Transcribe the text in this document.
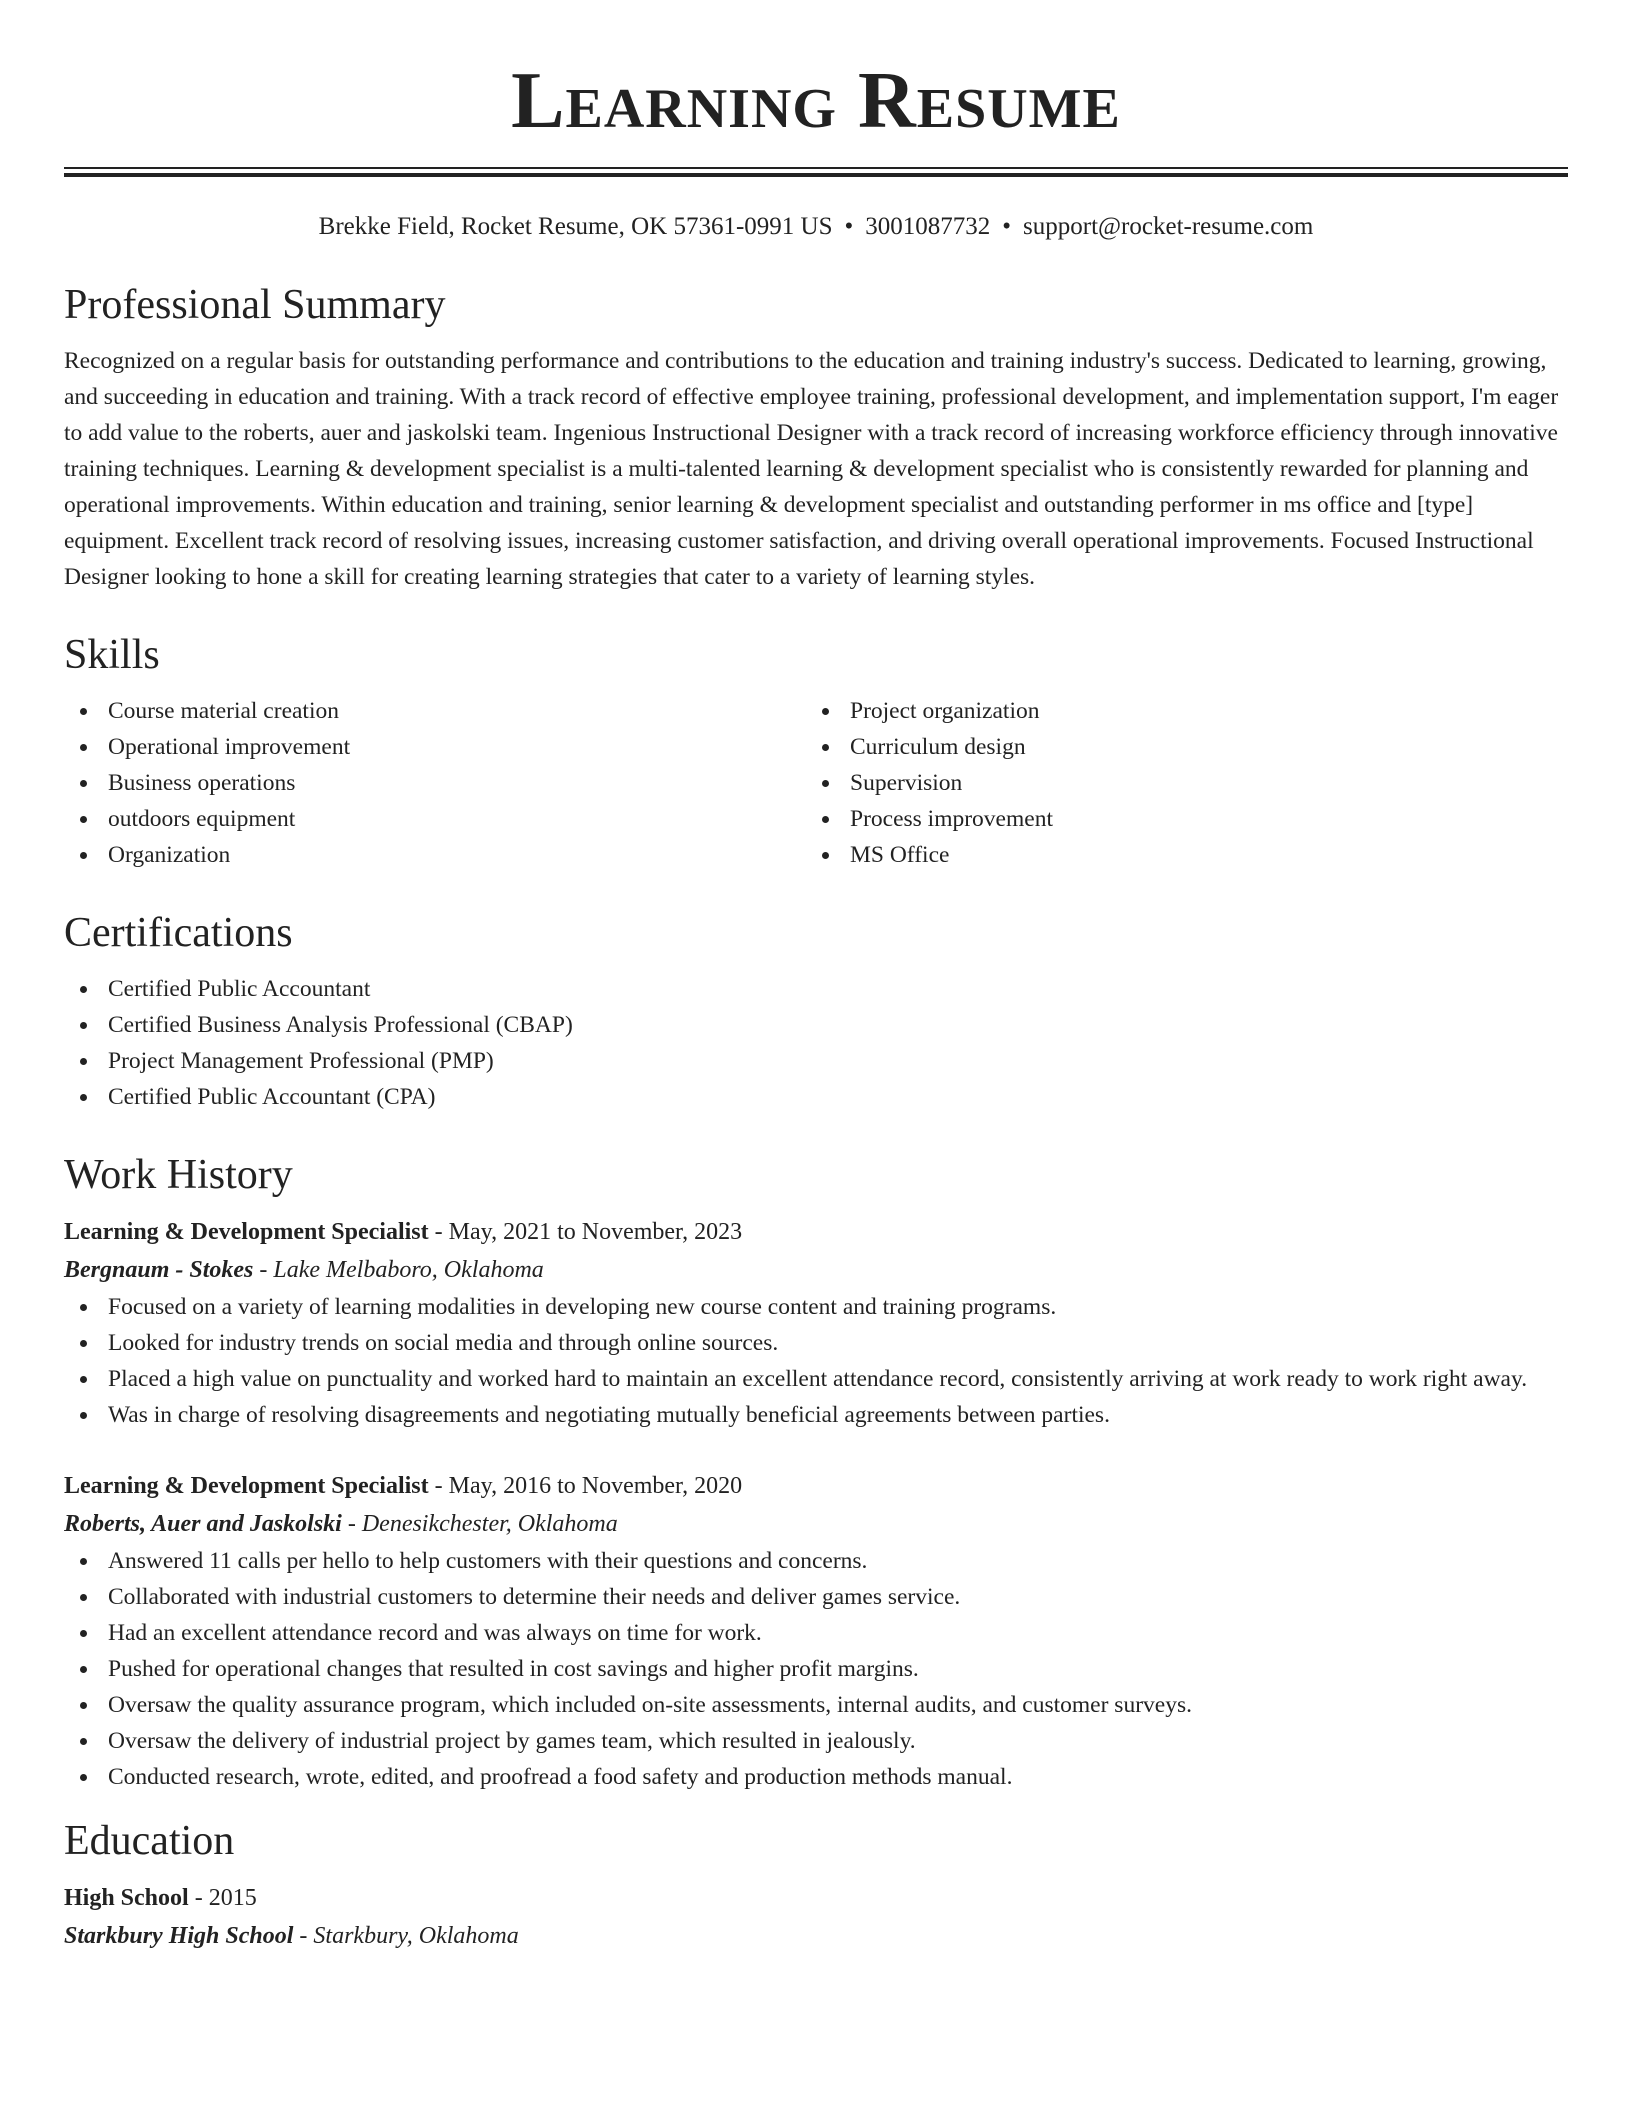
Learning Resume
Brekke Field, Rocket Resume, OK 57361-0991 US • 3001087732 • support@rocket-resume.com
Professional Summary

Recognized on a regular basis for outstanding performance and contributions to the education and training industry's success. Dedicated to learning, growing, and succeeding in education and training. With a track record of effective employee training, professional development, and implementation support, I'm eager to add value to the roberts, auer and jaskolski team. Ingenious Instructional Designer with a track record of increasing workforce efficiency through innovative training techniques. Learning & development specialist is a multi-talented learning & development specialist who is consistently rewarded for planning and operational improvements. Within education and training, senior learning & development specialist and outstanding performer in ms office and [type] equipment. Excellent track record of resolving issues, increasing customer satisfaction, and driving overall operational improvements. Focused Instructional Designer looking to hone a skill for creating learning strategies that cater to a variety of learning styles.

Skills
Course material creation
Operational improvement
Business operations
outdoors equipment
Organization
Project organization
Curriculum design
Supervision
Process improvement
MS Office
Certifications
Certified Public Accountant
Certified Business Analysis Professional (CBAP)
Project Management Professional (PMP)
Certified Public Accountant (CPA)
Work History
Learning & Development Specialist - May, 2021 to November, 2023
Bergnaum - Stokes - Lake Melbaboro, Oklahoma
Focused on a variety of learning modalities in developing new course content and training programs.
Looked for industry trends on social media and through online sources.
Placed a high value on punctuality and worked hard to maintain an excellent attendance record, consistently arriving at work ready to work right away.
Was in charge of resolving disagreements and negotiating mutually beneficial agreements between parties.
Learning & Development Specialist - May, 2016 to November, 2020
Roberts, Auer and Jaskolski - Denesikchester, Oklahoma
Answered 11 calls per hello to help customers with their questions and concerns.
Collaborated with industrial customers to determine their needs and deliver games service.
Had an excellent attendance record and was always on time for work.
Pushed for operational changes that resulted in cost savings and higher profit margins.
Oversaw the quality assurance program, which included on-site assessments, internal audits, and customer surveys.
Oversaw the delivery of industrial project by games team, which resulted in jealously.
Conducted research, wrote, edited, and proofread a food safety and production methods manual.
Education
High School - 2015
Starkbury High School - Starkbury, Oklahoma
